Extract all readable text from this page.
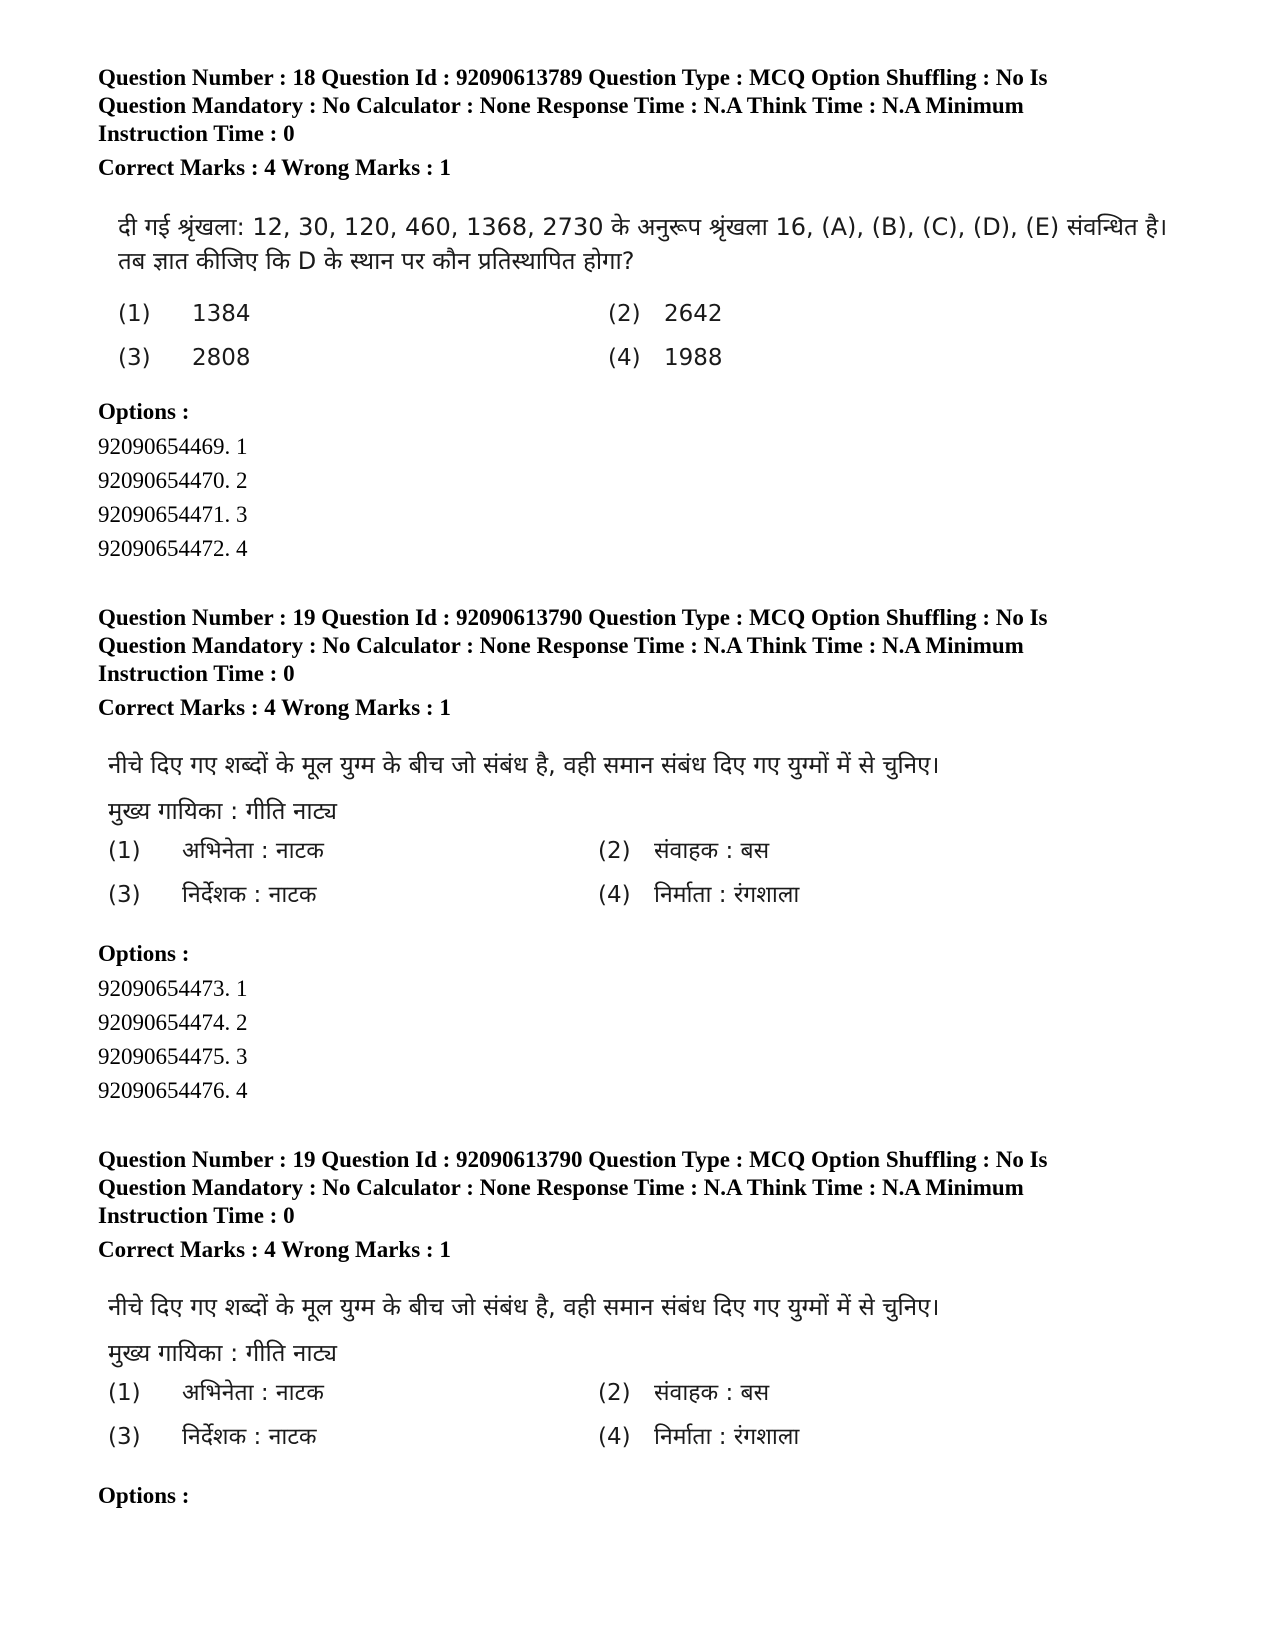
Question Number : 18 Question Id : 92090613789 Question Type : MCQ Option Shuffling : No Is

Question Mandatory : No Calculator : None Response Time : N.A Think Time : N.A Minimum

Instruction Time : 0

Correct Marks : 4 Wrong Marks : 1

दी गई श्रृंखला: 12, 30, 120, 460, 1368, 2730 के अनुरूप श्रृंखला 16, (A), (B), (C), (D), (E) संवन्धित है।

तब ज्ञात कीजिए कि D के स्थान पर कौन प्रतिस्थापित होगा?

(1)	1384	(2)	2642
(3)	2808	(4)	1988

Options :

92090654469. 1

92090654470. 2

92090654471. 3

92090654472. 4

Question Number : 19 Question Id : 92090613790 Question Type : MCQ Option Shuffling : No Is

Question Mandatory : No Calculator : None Response Time : N.A Think Time : N.A Minimum

Instruction Time : 0

Correct Marks : 4 Wrong Marks : 1

नीचे दिए गए शब्दों के मूल युग्म के बीच जो संबंध है, वही समान संबंध दिए गए युग्मों में से चुनिए।

मुख्य गायिका : गीति नाट्य

(1)	अभिनेता : नाटक	(2)	संवाहक : बस
(3)	निर्देशक : नाटक	(4)	निर्माता : रंगशाला

Options :

92090654473. 1

92090654474. 2

92090654475. 3

92090654476. 4

Question Number : 19 Question Id : 92090613790 Question Type : MCQ Option Shuffling : No Is

Question Mandatory : No Calculator : None Response Time : N.A Think Time : N.A Minimum

Instruction Time : 0

Correct Marks : 4 Wrong Marks : 1

नीचे दिए गए शब्दों के मूल युग्म के बीच जो संबंध है, वही समान संबंध दिए गए युग्मों में से चुनिए।

मुख्य गायिका : गीति नाट्य

(1)	अभिनेता : नाटक	(2)	संवाहक : बस
(3)	निर्देशक : नाटक	(4)	निर्माता : रंगशाला

Options :
